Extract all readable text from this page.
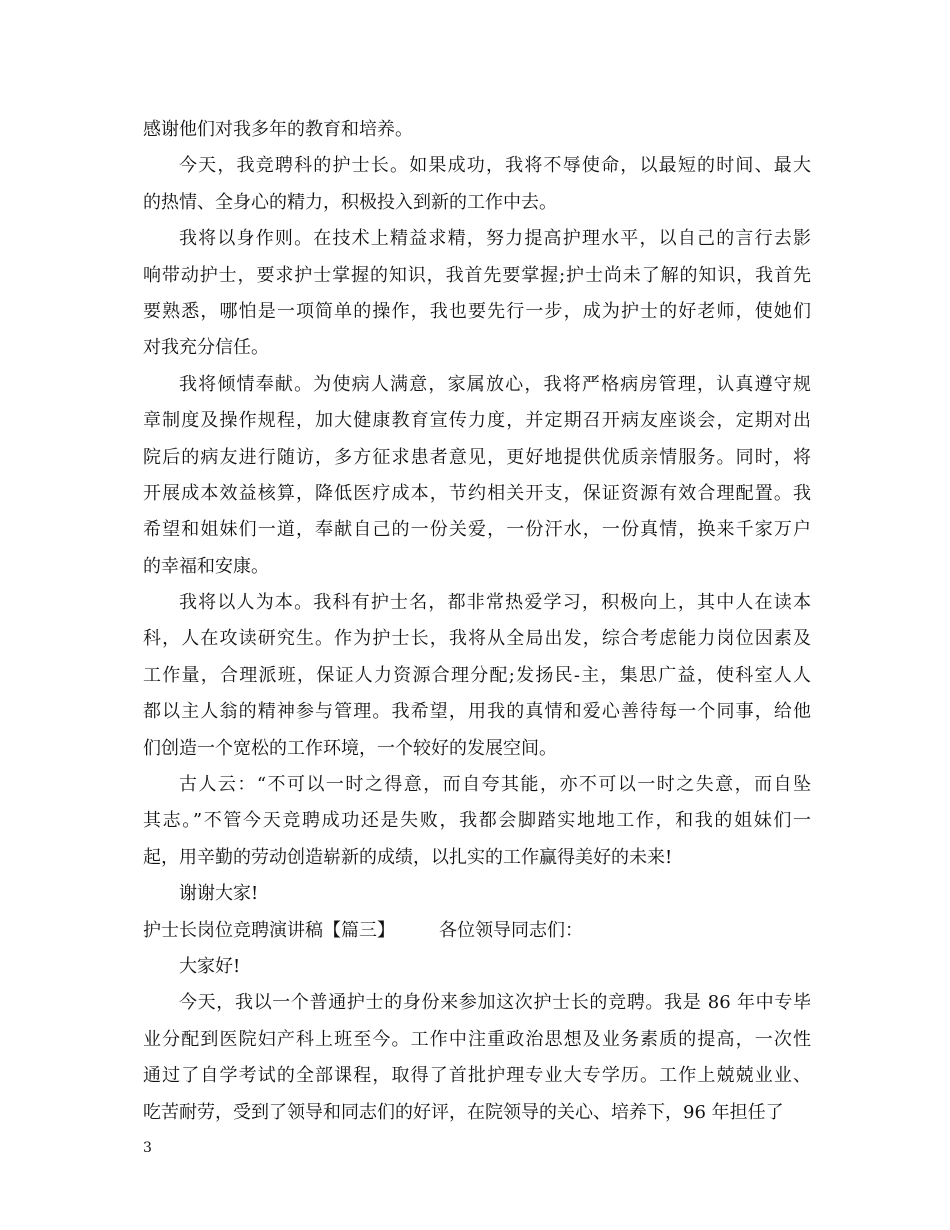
感谢他们对我多年的教育和培养。
今天，我竞聘科的护士长。如果成功，我将不辱使命，以最短的时间、最大
的热情、全身心的精力，积极投入到新的工作中去。
我将以身作则。在技术上精益求精，努力提高护理水平，以自己的言行去影
响带动护士，要求护士掌握的知识，我首先要掌握;护士尚未了解的知识，我首先
要熟悉，哪怕是一项简单的操作，我也要先行一步，成为护士的好老师，使她们
对我充分信任。
我将倾情奉献。为使病人满意，家属放心，我将严格病房管理，认真遵守规
章制度及操作规程，加大健康教育宣传力度，并定期召开病友座谈会，定期对出
院后的病友进行随访，多方征求患者意见，更好地提供优质亲情服务。同时，将
开展成本效益核算，降低医疗成本，节约相关开支，保证资源有效合理配置。我
希望和姐妹们一道，奉献自己的一份关爱，一份汗水，一份真情，换来千家万户
的幸福和安康。
我将以人为本。我科有护士名，都非常热爱学习，积极向上，其中人在读本
科，人在攻读研究生。作为护士长，我将从全局出发，综合考虑能力岗位因素及
工作量，合理派班，保证人力资源合理分配;发扬民-主，集思广益，使科室人人
都以主人翁的精神参与管理。我希望，用我的真情和爱心善待每一个同事，给他
们创造一个宽松的工作环境，一个较好的发展空间。
古人云：“不可以一时之得意，而自夸其能，亦不可以一时之失意，而自坠
其志。”不管今天竞聘成功还是失败，我都会脚踏实地地工作，和我的姐妹们一
起，用辛勤的劳动创造崭新的成绩，以扎实的工作赢得美好的未来!
谢谢大家!
护士长岗位竞聘演讲稿【篇三】 各位领导同志们：
大家好!
今天，我以一个普通护士的身份来参加这次护士长的竞聘。我是 86 年中专毕
业分配到医院妇产科上班至今。工作中注重政治思想及业务素质的提高，一次性
通过了自学考试的全部课程，取得了首批护理专业大专学历。工作上兢兢业业、
吃苦耐劳，受到了领导和同志们的好评，在院领导的关心、培养下，96 年担任了
3
